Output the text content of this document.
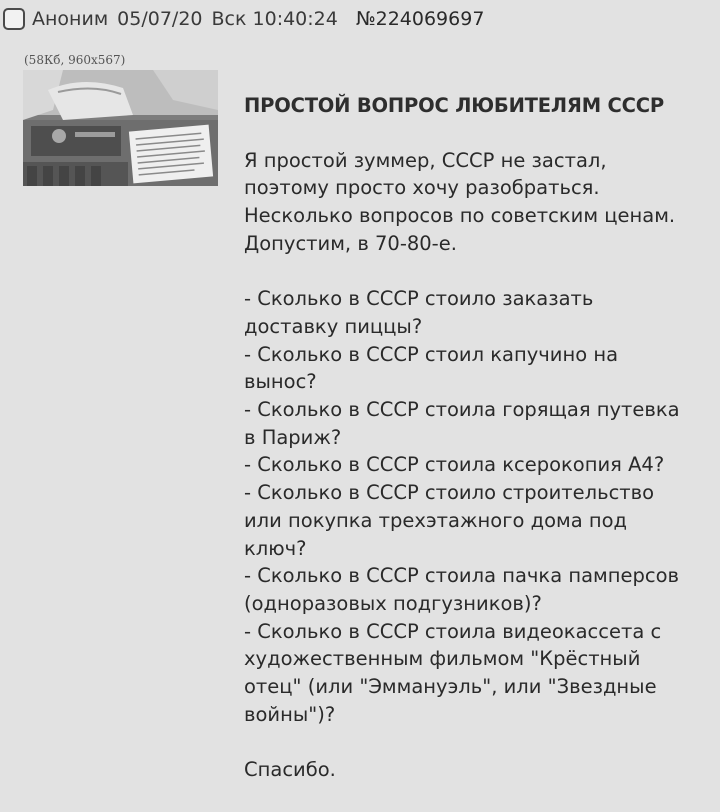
Аноним 05/07/20 Вск 10:40:24 №224069697
(58Кб, 960x567)
ПРОСТОЙ ВОПРОС ЛЮБИТЕЛЯМ СССР
Я простой зуммер, СССР не застал,
поэтому просто хочу разобраться.
Несколько вопросов по советским ценам.
Допустим, в 70-80-е.
- Сколько в СССР стоило заказать
доставку пиццы?
- Сколько в СССР стоил капучино на
вынос?
- Сколько в СССР стоила горящая путевка
в Париж?
- Сколько в СССР стоила ксерокопия А4?
- Сколько в СССР стоило строительство
или покупка трехэтажного дома под
ключ?
- Сколько в СССР стоила пачка памперсов
(одноразовых подгузников)?
- Сколько в СССР стоила видеокассета с
художественным фильмом "Крёстный
отец" (или "Эммануэль", или "Звездные
войны")?
Спасибо.
